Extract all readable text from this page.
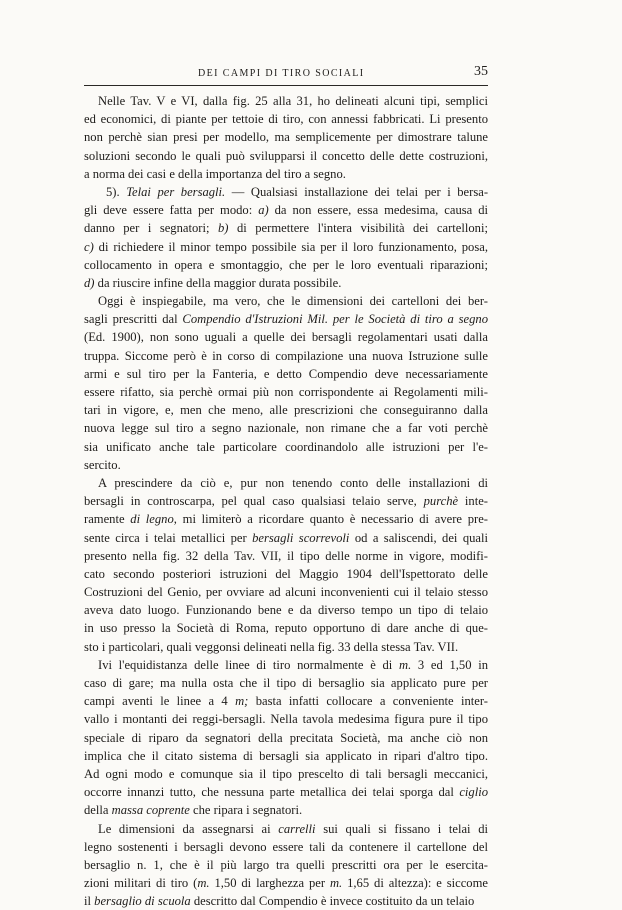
DEI CAMPI DI TIRO SOCIALI	35
Nelle Tav. V e VI, dalla fig. 25 alla 31, ho delineati alcuni tipi, semplici
ed economici, di piante per tettoie di tiro, con annessi fabbricati. Li presento
non perchè sian presi per modello, ma semplicemente per dimostrare talune
soluzioni secondo le quali può svilupparsi il concetto delle dette costruzioni,
a norma dei casi e della importanza del tiro a segno.
5). Telai per bersagli. — Qualsiasi installazione dei telai per i bersa-
gli deve essere fatta per modo: a) da non essere, essa medesima, causa di
danno per i segnatori; b) di permettere l'intera visibilità dei cartelloni;
c) di richiedere il minor tempo possibile sia per il loro funzionamento, posa,
collocamento in opera e smontaggio, che per le loro eventuali riparazioni;
d) da riuscire infine della maggior durata possibile.
Oggi è inspiegabile, ma vero, che le dimensioni dei cartelloni dei ber-
sagli prescritti dal Compendio d'Istruzioni Mil. per le Società di tiro a segno
(Ed. 1900), non sono uguali a quelle dei bersagli regolamentari usati dalla
truppa. Siccome però è in corso di compilazione una nuova Istruzione sulle
armi e sul tiro per la Fanteria, e detto Compendio deve necessariamente
essere rifatto, sia perchè ormai più non corrispondente ai Regolamenti mili-
tari in vigore, e, men che meno, alle prescrizioni che conseguiranno dalla
nuova legge sul tiro a segno nazionale, non rimane che a far voti perchè
sia unificato anche tale particolare coordinandolo alle istruzioni per l'e-
sercito.
A prescindere da ciò e, pur non tenendo conto delle installazioni di
bersagli in controscarpa, pel qual caso qualsiasi telaio serve, purchè inte-
ramente di legno, mi limiterò a ricordare quanto è necessario di avere pre-
sente circa i telai metallici per bersagli scorrevoli od a saliscendi, dei quali
presento nella fig. 32 della Tav. VII, il tipo delle norme in vigore, modifi-
cato secondo posteriori istruzioni del Maggio 1904 dell'Ispettorato delle
Costruzioni del Genio, per ovviare ad alcuni inconvenienti cui il telaio stesso
aveva dato luogo. Funzionando bene e da diverso tempo un tipo di telaio
in uso presso la Società di Roma, reputo opportuno di dare anche di que-
sto i particolari, quali veggonsi delineati nella fig. 33 della stessa Tav. VII.
Ivi l'equidistanza delle linee di tiro normalmente è di m. 3 ed 1,50 in
caso di gare; ma nulla osta che il tipo di bersaglio sia applicato pure per
campi aventi le linee a 4 m; basta infatti collocare a conveniente inter-
vallo i montanti dei reggi-bersagli. Nella tavola medesima figura pure il tipo
speciale di riparo da segnatori della precitata Società, ma anche ciò non
implica che il citato sistema di bersagli sia applicato in ripari d'altro tipo.
Ad ogni modo e comunque sia il tipo prescelto di tali bersagli meccanici,
occorre innanzi tutto, che nessuna parte metallica dei telai sporga dal ciglio
della massa coprente che ripara i segnatori.
Le dimensioni da assegnarsi ai carrelli sui quali si fissano i telai di
legno sostenenti i bersagli devono essere tali da contenere il cartellone del
bersaglio n. 1, che è il più largo tra quelli prescritti ora per le esercita-
zioni militari di tiro (m. 1,50 di larghezza per m. 1,65 di altezza): e siccome
il bersaglio di scuola descritto dal Compendio è invece costituito da un telaio
